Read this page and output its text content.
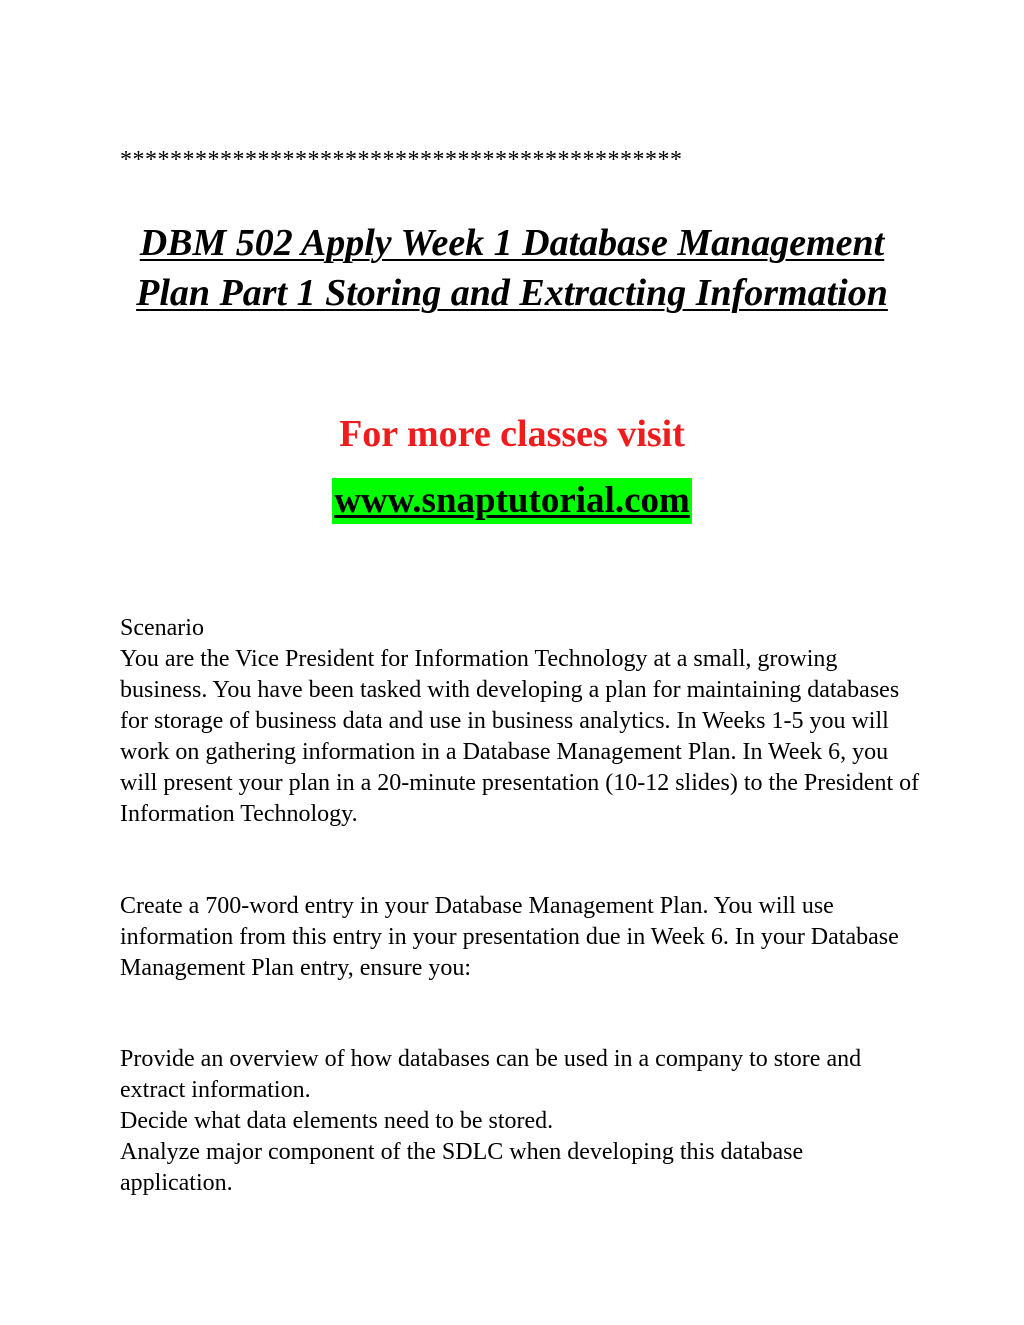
*********************************************
DBM 502 Apply Week 1 Database Management
Plan Part 1 Storing and Extracting Information
For more classes visit
www.snaptutorial.com

Scenario

You are the Vice President for Information Technology at a small, growing business. You have been tasked with developing a plan for maintaining databases for storage of business data and use in business analytics. In Weeks 1-5 you will work on gathering information in a Database Management Plan. In Week 6, you will present your plan in a 20-minute presentation (10-12 slides) to the President of Information Technology.

Create a 700-word entry in your Database Management Plan. You will use information from this entry in your presentation due in Week 6. In your Database Management Plan entry, ensure you:

Provide an overview of how databases can be used in a company to store and extract information.

Decide what data elements need to be stored.

Analyze major component of the SDLC when developing this database application.
